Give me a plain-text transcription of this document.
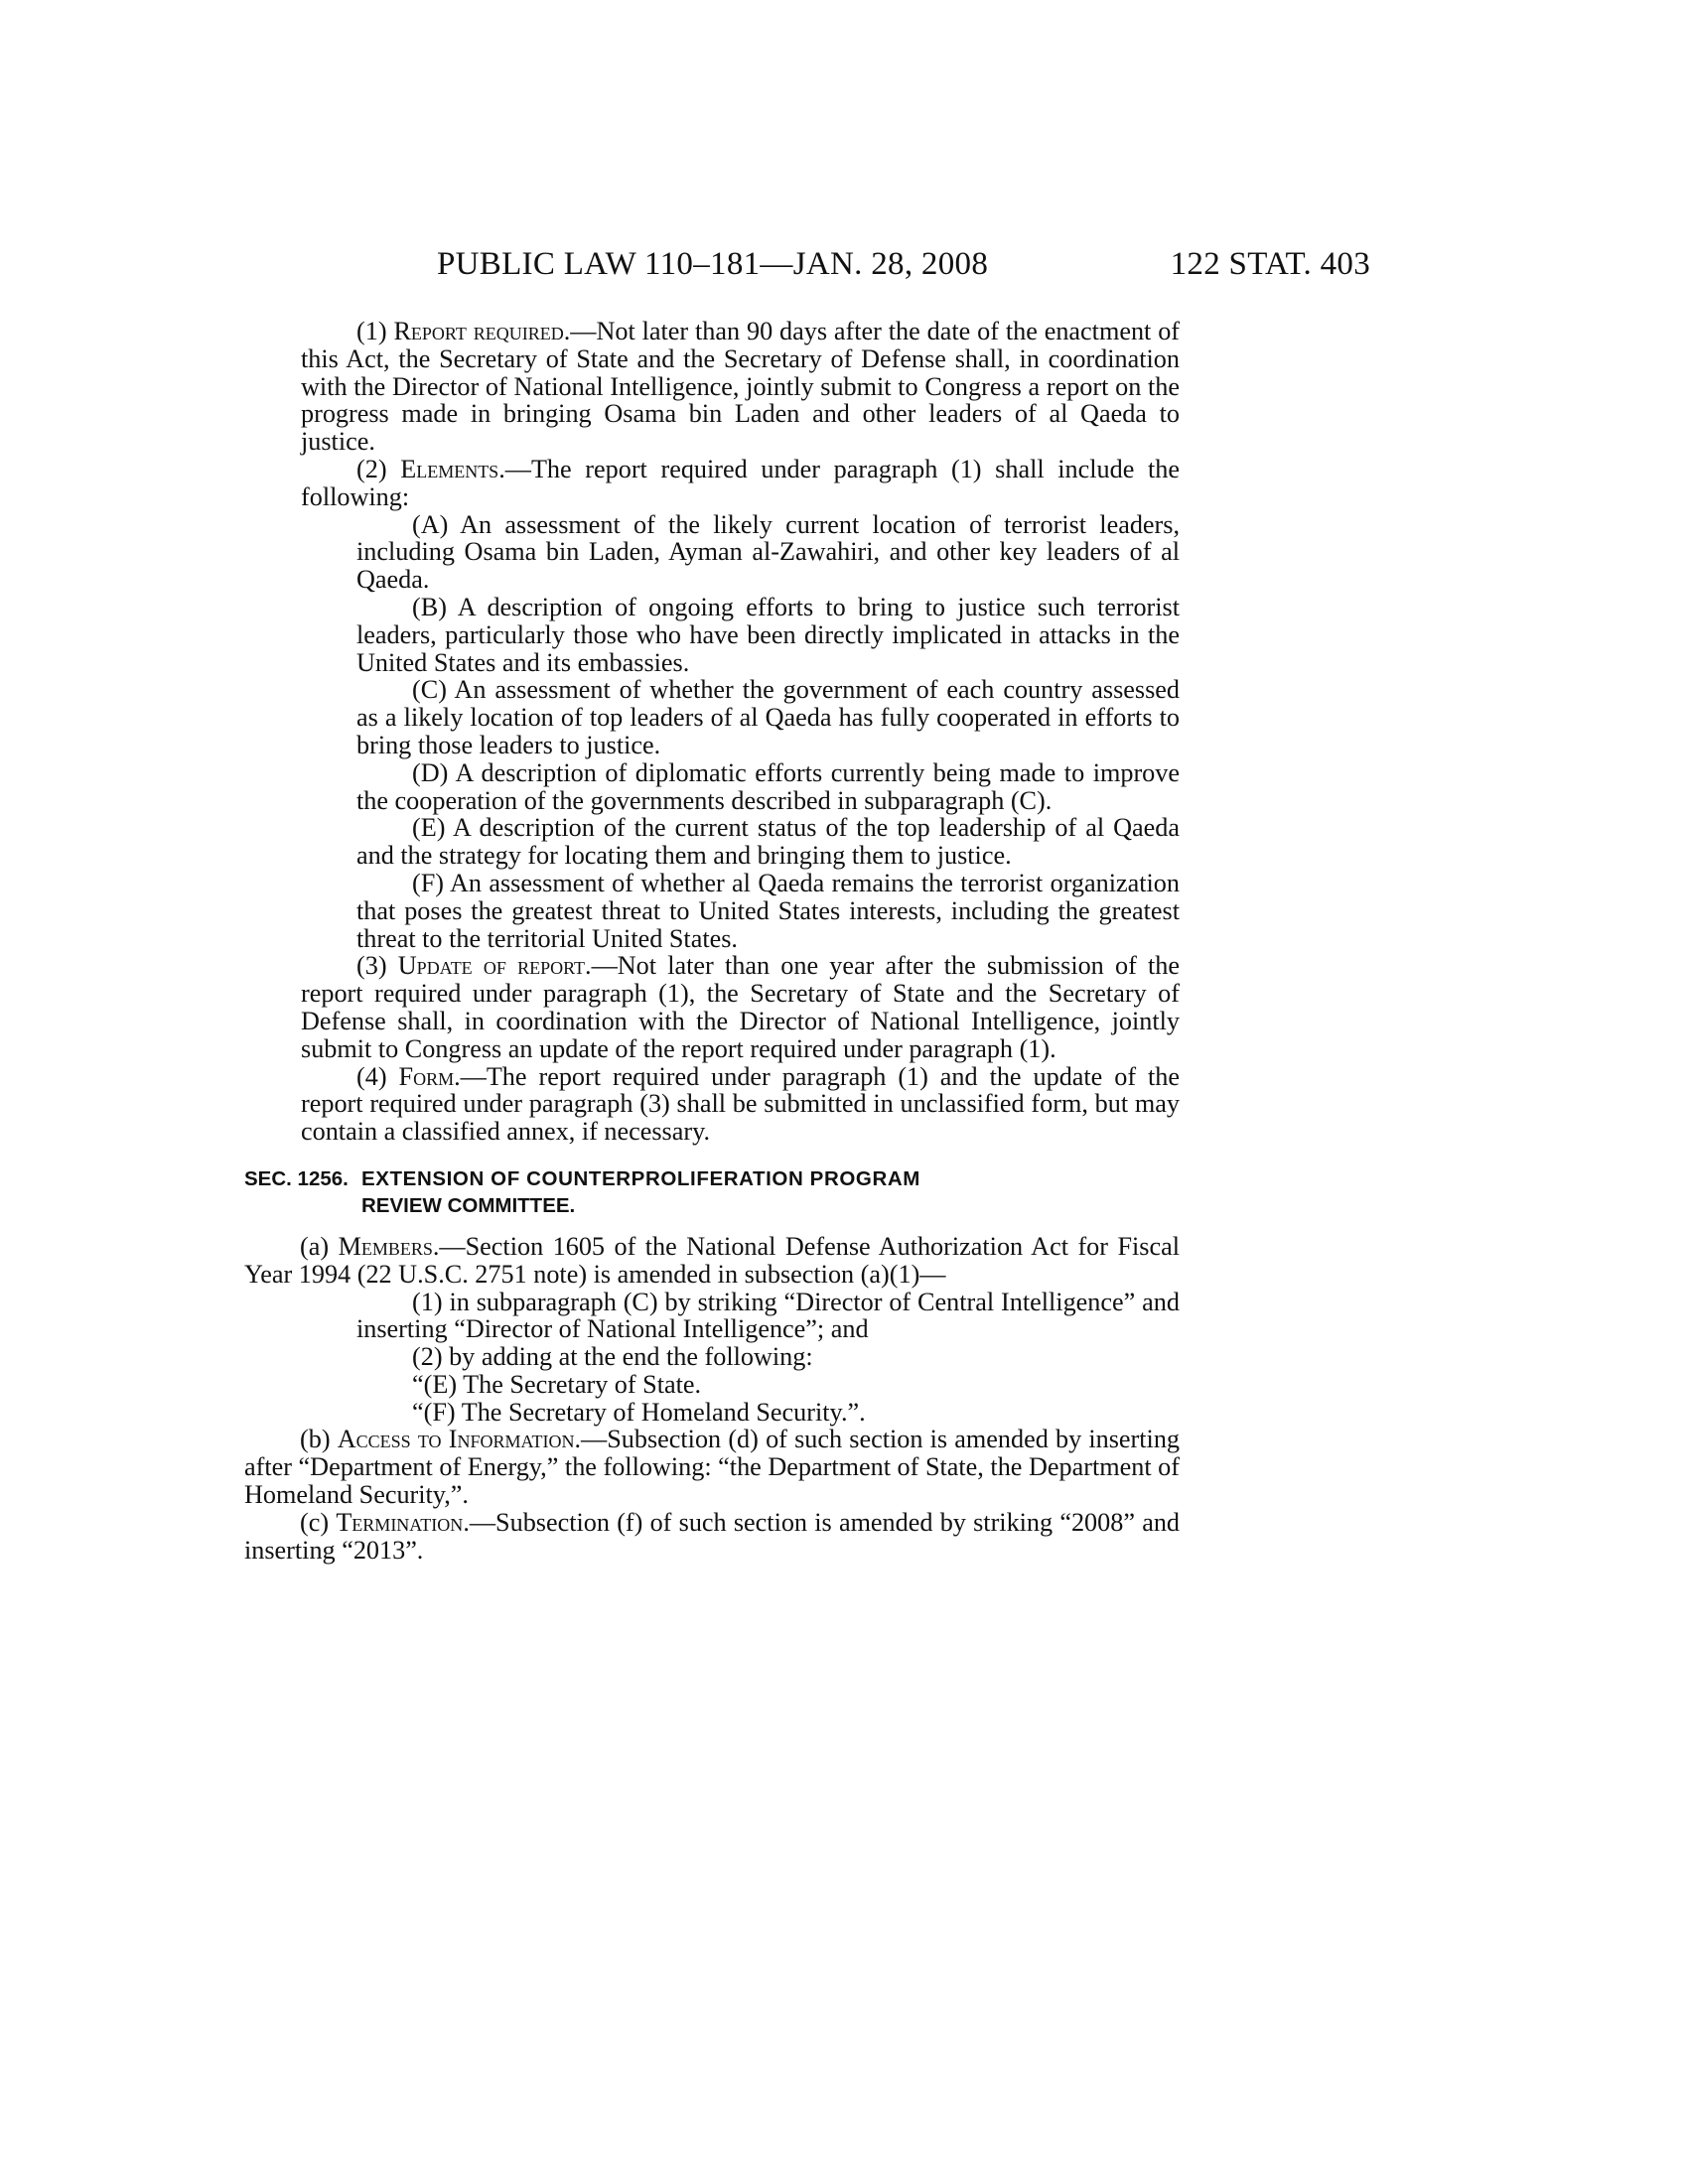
PUBLIC LAW 110–181—JAN. 28, 2008	122 STAT. 403

(1) Report required.—Not later than 90 days after the date of the enactment of this Act, the Secretary of State and the Secretary of Defense shall, in coordination with the Director of National Intelligence, jointly submit to Congress a report on the progress made in bringing Osama bin Laden and other leaders of al Qaeda to justice.

(2) Elements.—The report required under paragraph (1) shall include the following:

(A) An assessment of the likely current location of terrorist leaders, including Osama bin Laden, Ayman al-Zawahiri, and other key leaders of al Qaeda.

(B) A description of ongoing efforts to bring to justice such terrorist leaders, particularly those who have been directly implicated in attacks in the United States and its embassies.

(C) An assessment of whether the government of each country assessed as a likely location of top leaders of al Qaeda has fully cooperated in efforts to bring those leaders to justice.

(D) A description of diplomatic efforts currently being made to improve the cooperation of the governments described in subparagraph (C).

(E) A description of the current status of the top leadership of al Qaeda and the strategy for locating them and bringing them to justice.

(F) An assessment of whether al Qaeda remains the terrorist organization that poses the greatest threat to United States interests, including the greatest threat to the territorial United States.

(3) Update of report.—Not later than one year after the submission of the report required under paragraph (1), the Secretary of State and the Secretary of Defense shall, in coordination with the Director of National Intelligence, jointly submit to Congress an update of the report required under paragraph (1).

(4) Form.—The report required under paragraph (1) and the update of the report required under paragraph (3) shall be submitted in unclassified form, but may contain a classified annex, if necessary.

SEC. 1256. EXTENSION OF COUNTERPROLIFERATION PROGRAM
REVIEW COMMITTEE.

(a) Members.—Section 1605 of the National Defense Authorization Act for Fiscal Year 1994 (22 U.S.C. 2751 note) is amended in subsection (a)(1)—

(1) in subparagraph (C) by striking “Director of Central Intelligence” and inserting “Director of National Intelligence”; and

(2) by adding at the end the following:

“(E) The Secretary of State.

“(F) The Secretary of Homeland Security.”.

(b) Access to Information.—Subsection (d) of such section is amended by inserting after “Department of Energy,” the following: “the Department of State, the Department of Homeland Security,”.

(c) Termination.—Subsection (f) of such section is amended by striking “2008” and inserting “2013”.
